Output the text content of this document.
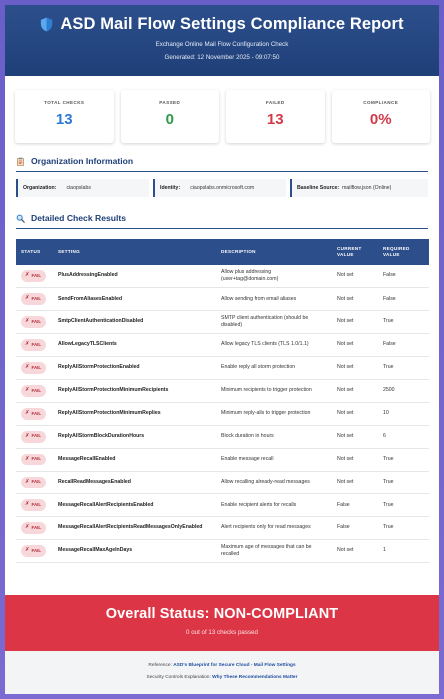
ASD Mail Flow Settings Compliance Report
Exchange Online Mail Flow Configuration Check
Generated: 12 November 2025 - 09:07:50
TOTAL CHECKS
13
PASSED
0
FAILED
13
COMPLIANCE
0%
Organization Information
Organization: ciaopslabs	Identity: ciaopslabs.onmicrosoft.com	Baseline Source: mailflow.json (Online)
Detailed Check Results
STATUS	SETTING	DESCRIPTION	CURRENT VALUE	REQUIRED VALUE

✗ FAIL	PlusAddressingEnabled	Allow plus addressing (user+tag@domain.com)	Not set	False

✗ FAIL	SendFromAliasesEnabled	Allow sending from email aliases	Not set	False

✗ FAIL	SmtpClientAuthenticationDisabled	SMTP client authentication (should be disabled)	Not set	True

✗ FAIL	AllowLegacyTLSClients	Allow legacy TLS clients (TLS 1.0/1.1)	Not set	False

✗ FAIL	ReplyAllStormProtectionEnabled	Enable reply all storm protection	Not set	True

✗ FAIL	ReplyAllStormProtectionMinimumRecipients	Minimum recipients to trigger protection	Not set	2500

✗ FAIL	ReplyAllStormProtectionMinimumReplies	Minimum reply-alls to trigger protection	Not set	10

✗ FAIL	ReplyAllStormBlockDurationHours	Block duration in hours	Not set	6

✗ FAIL	MessageRecallEnabled	Enable message recall	Not set	True

✗ FAIL	RecallReadMessagesEnabled	Allow recalling already-read messages	Not set	True

✗ FAIL	MessageRecallAlertRecipientsEnabled	Enable recipient alerts for recalls	False	True

✗ FAIL	MessageRecallAlertRecipientsReadMessagesOnlyEnabled	Alert recipients only for read messages	False	True

✗ FAIL	MessageRecallMaxAgeInDays	Maximum age of messages that can be recalled	Not set	1
Overall Status: NON-COMPLIANT
0 out of 13 checks passed
Reference: ASD's Blueprint for Secure Cloud - Mail Flow Settings
Security Controls Explanation: Why These Recommendations Matter
